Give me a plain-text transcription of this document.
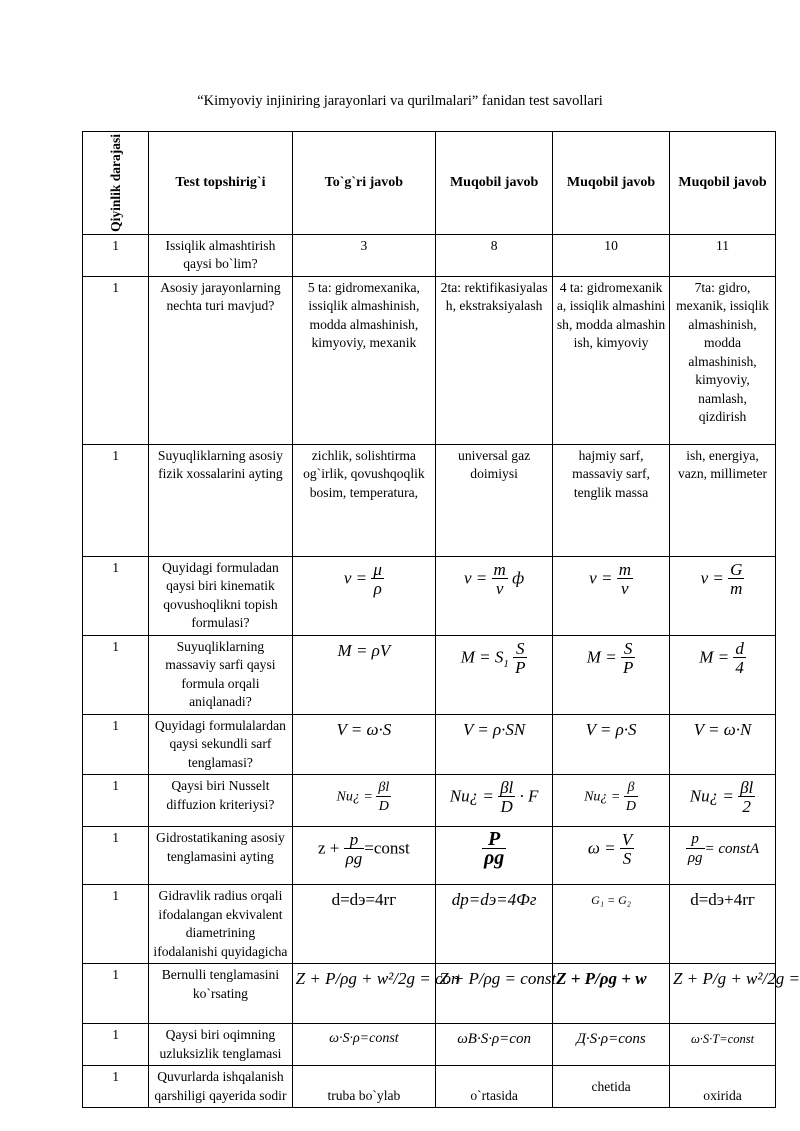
“Kimyoviy injiniring jarayonlari va qurilmalari” fanidan test savollari
Qiyinlik darajasi	Test topshirig`i	To`g`ri javob	Muqobil javob	Muqobil javob	Muqobil javob
1	Issiqlik almashtirish qaysi bo`lim?	3	8	10	11
1	Asosiy jarayonlarning nechta turi mavjud?	5 ta: gidromexanika, issiqlik almashinish, modda almashinish, kimyoviy, mexanik	2ta: rektifikasiyalash, ekstraksiyalash	4 ta: gidromexanika, issiqlik almashinish, modda almashinish, kimyoviy	7ta: gidro, mexanik, issiqlik almashinish, modda almashinish, kimyoviy, namlash, qizdirish
1	Suyuqliklarning asosiy fizik xossalarini ayting	zichlik, solishtirma og`irlik, qovushqoqlik bosim, temperatura,	universal gaz doimiysi	hajmiy sarf, massaviy sarf, tenglik massa	ish, energiya, vazn, millimeter
1	Quyidagi formuladan qaysi biri kinematik qovushoqlikni topish formulasi?	$v = \frac{\mu}{\rho}$	$v = \frac{m}{v}$ ф	$v = \frac{m}{v}$	$v = \frac{G}{m}$

1	Suyuqliklarning massaviy sarfi qaysi formula orqali aniqlanadi?	M = ρV	$M = S_1 \frac{S}{P}$	$M = \frac{S}{P}$	$M = \frac{d}{4}$

1	Quyidagi formulalardan qaysi sekundli sarf tenglamasi?	V = ω·S	V = ρ·SN	V = ρ·S	V = ω·N
1	Qaysi biri Nusselt diffuzion kriteriysi?	Nu¿ = $\frac{\beta l}{D}$	Nu¿ = $\frac{\beta l}{D} \cdot F$	Nu¿ = $\frac{\beta}{D}$	Nu¿ = $\frac{\beta l}{2}$

1	Gidrostatikaning asosiy tenglamasini ayting	$z + \frac{p}{\rho g}$ =const	$\frac{P}{\rho g}$	$\omega = \frac{V}{S}$	$\frac{p}{\rho g}$ = constA
1	Gidravlik radius orqali ifodalangan ekvivalent diametrining ifodalanishi quyidagicha	d=dэ=4rг	dр=dэ=4Фг	G₁ = G₂	d=dэ+4rг
1	Bernulli tenglamasini ko`rsating	Z + P/ρg + w²/2g = con	Z + P/ρg = const	Z + P/ρg + w	Z + P/g + w²/2g =
1	Qaysi biri oqimning uzluksizlik tenglamasi	ω·S·ρ=const	ωB·S·ρ=con	Д·S·ρ=cons	ω·S·T=const
1	Quvurlarda ishqalanish qarshiligi qayerida sodir	truba bo`ylab	o`rtasida	chetida	oxirida
